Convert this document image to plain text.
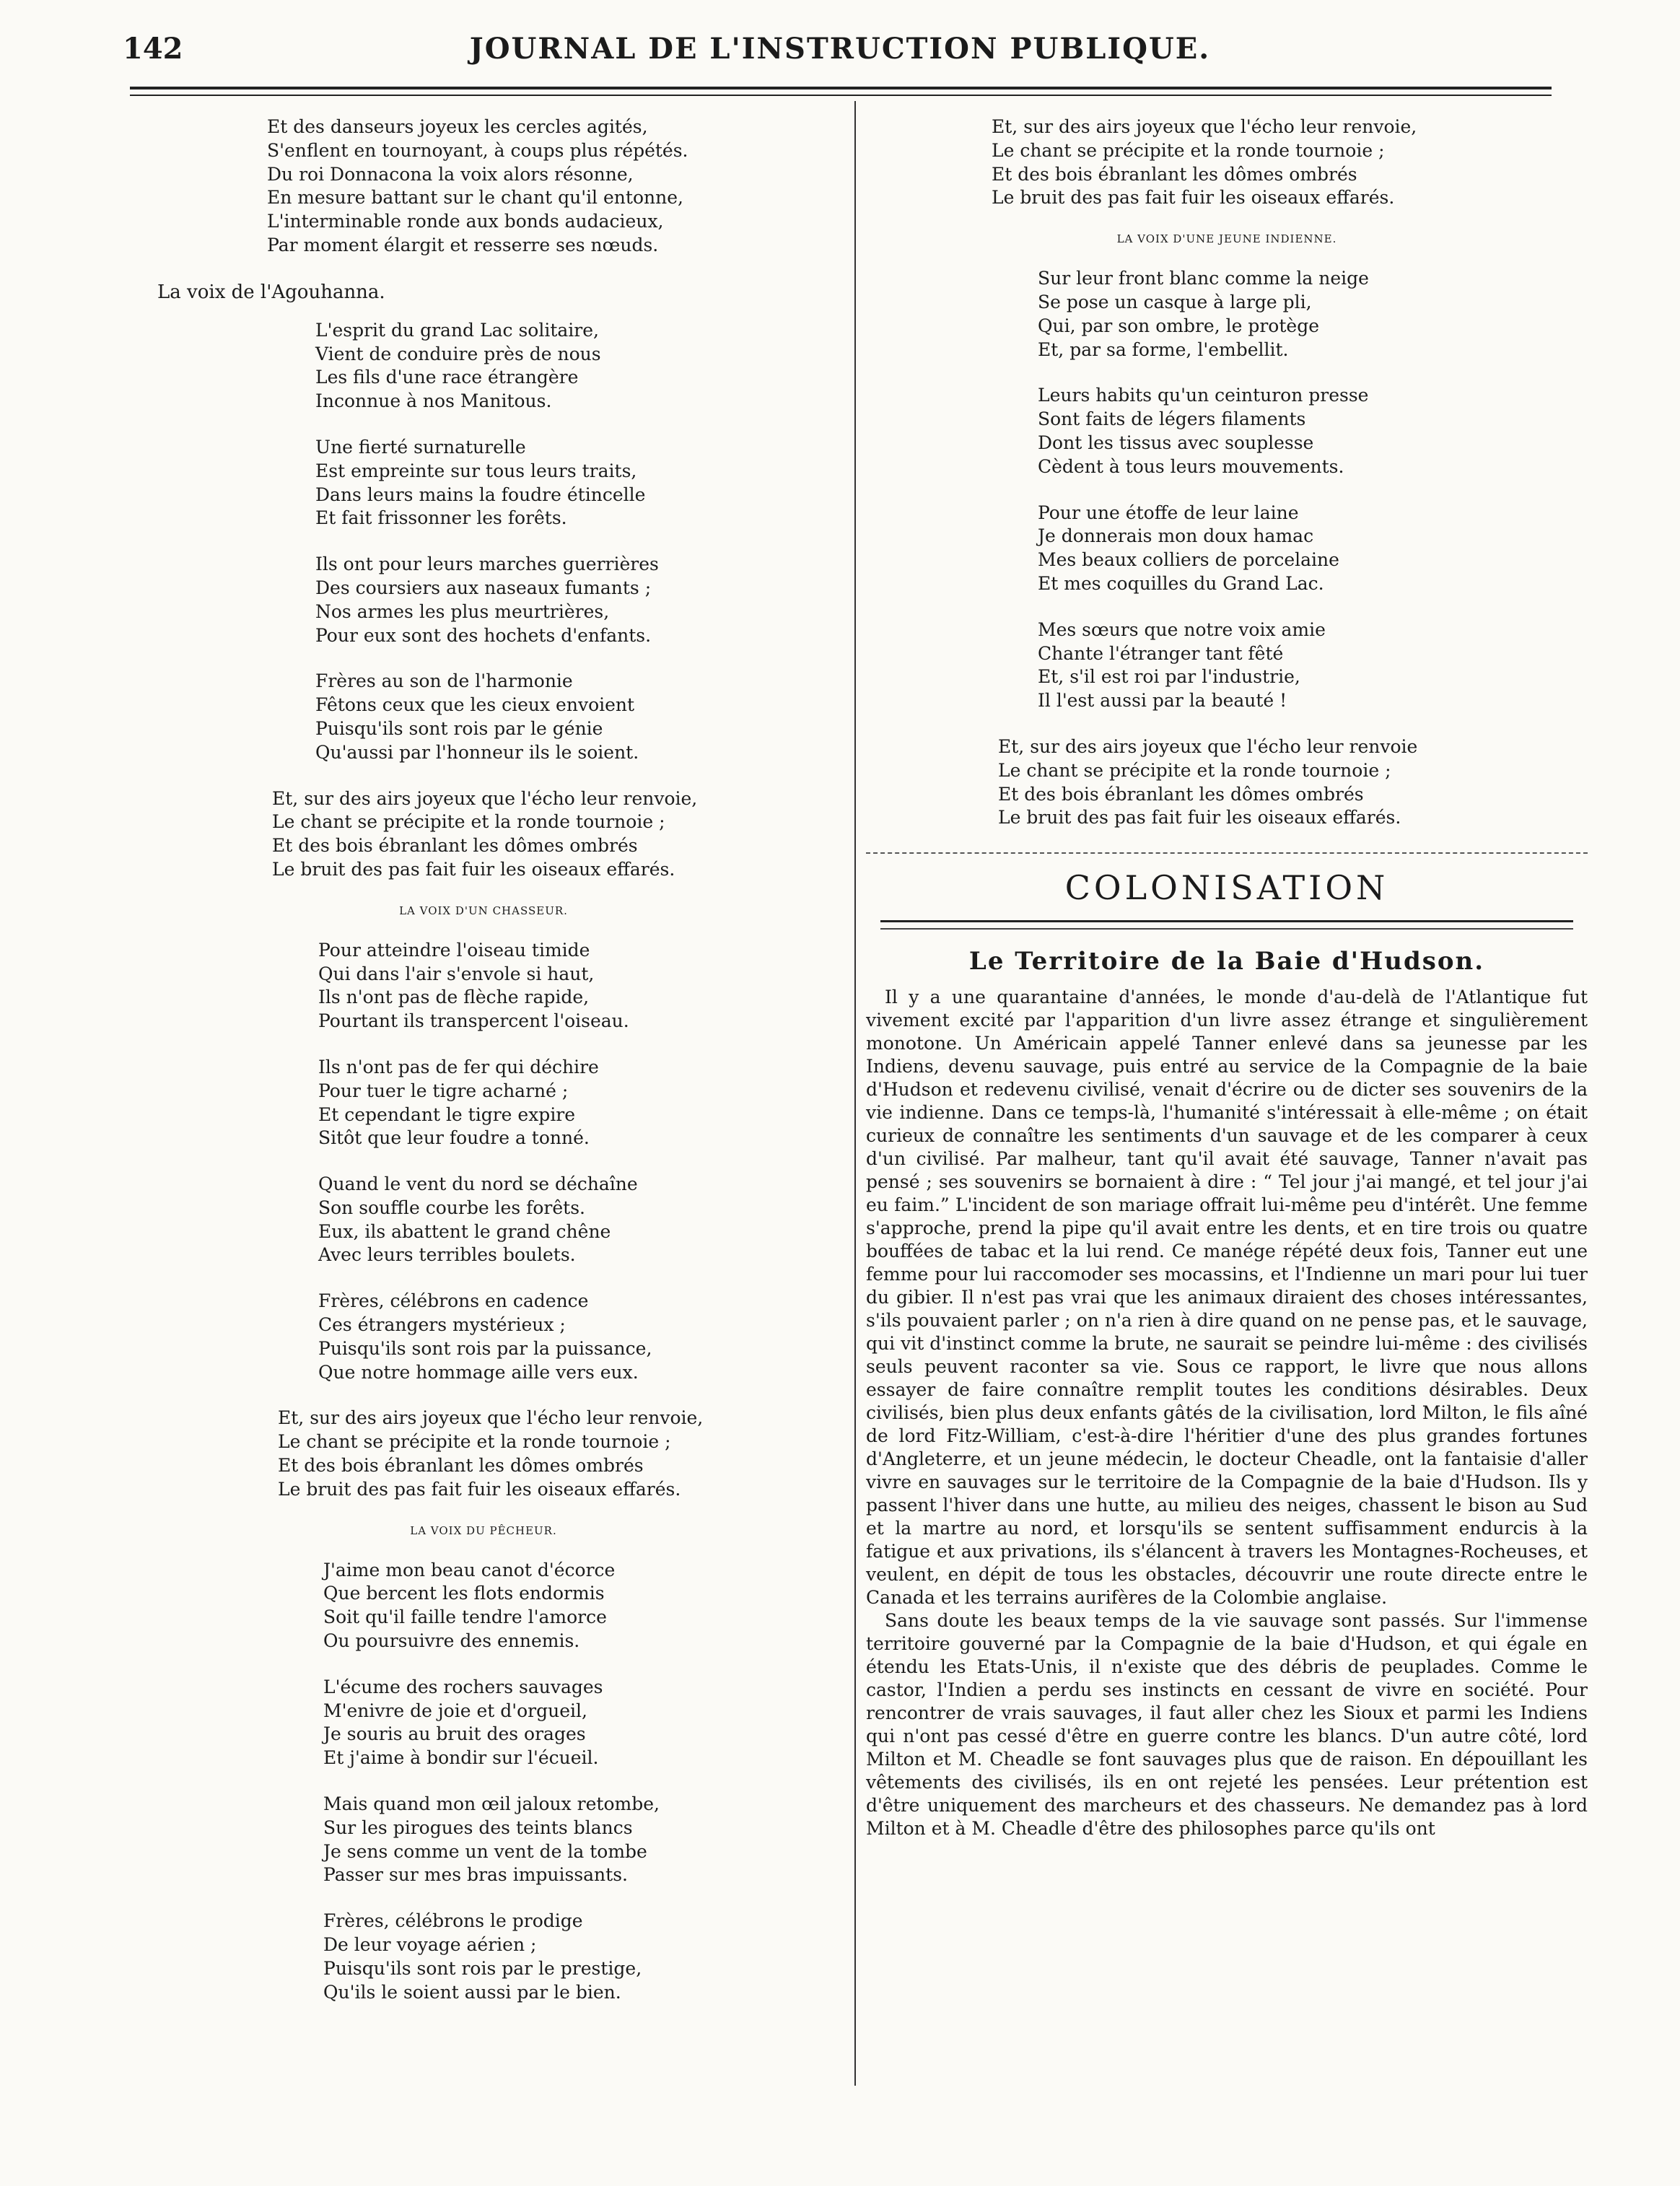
142	JOURNAL DE L'INSTRUCTION PUBLIQUE.
Et des danseurs joyeux les cercles agités,
S'enflent en tournoyant, à coups plus répétés.
Du roi Donnacona la voix alors résonne,
En mesure battant sur le chant qu'il entonne,
L'interminable ronde aux bonds audacieux,
Par moment élargit et resserre ses nœuds.
La voix de l'Agouhanna.
L'esprit du grand Lac solitaire,
Vient de conduire près de nous
Les fils d'une race étrangère
Inconnue à nos Manitous.
Une fierté surnaturelle
Est empreinte sur tous leurs traits,
Dans leurs mains la foudre étincelle
Et fait frissonner les forêts.
Ils ont pour leurs marches guerrières
Des coursiers aux naseaux fumants ;
Nos armes les plus meurtrières,
Pour eux sont des hochets d'enfants.
Frères au son de l'harmonie
Fêtons ceux que les cieux envoient
Puisqu'ils sont rois par le génie
Qu'aussi par l'honneur ils le soient.
Et, sur des airs joyeux que l'écho leur renvoie,
Le chant se précipite et la ronde tournoie ;
Et des bois ébranlant les dômes ombrés
Le bruit des pas fait fuir les oiseaux effarés.
LA VOIX D'UN CHASSEUR.
Pour atteindre l'oiseau timide
Qui dans l'air s'envole si haut,
Ils n'ont pas de flèche rapide,
Pourtant ils transpercent l'oiseau.
Ils n'ont pas de fer qui déchire
Pour tuer le tigre acharné ;
Et cependant le tigre expire
Sitôt que leur foudre a tonné.
Quand le vent du nord se déchaîne
Son souffle courbe les forêts.
Eux, ils abattent le grand chêne
Avec leurs terribles boulets.
Frères, célébrons en cadence
Ces étrangers mystérieux ;
Puisqu'ils sont rois par la puissance,
Que notre hommage aille vers eux.
Et, sur des airs joyeux que l'écho leur renvoie,
Le chant se précipite et la ronde tournoie ;
Et des bois ébranlant les dômes ombrés
Le bruit des pas fait fuir les oiseaux effarés.
LA VOIX DU PÊCHEUR.
J'aime mon beau canot d'écorce
Que bercent les flots endormis
Soit qu'il faille tendre l'amorce
Ou poursuivre des ennemis.
L'écume des rochers sauvages
M'enivre de joie et d'orgueil,
Je souris au bruit des orages
Et j'aime à bondir sur l'écueil.
Mais quand mon œil jaloux retombe,
Sur les pirogues des teints blancs
Je sens comme un vent de la tombe
Passer sur mes bras impuissants.
Frères, célébrons le prodige
De leur voyage aérien ;
Puisqu'ils sont rois par le prestige,
Qu'ils le soient aussi par le bien.
Et, sur des airs joyeux que l'écho leur renvoie,
Le chant se précipite et la ronde tournoie ;
Et des bois ébranlant les dômes ombrés
Le bruit des pas fait fuir les oiseaux effarés.
LA VOIX D'UNE JEUNE INDIENNE.
Sur leur front blanc comme la neige
Se pose un casque à large pli,
Qui, par son ombre, le protège
Et, par sa forme, l'embellit.
Leurs habits qu'un ceinturon presse
Sont faits de légers filaments
Dont les tissus avec souplesse
Cèdent à tous leurs mouvements.
Pour une étoffe de leur laine
Je donnerais mon doux hamac
Mes beaux colliers de porcelaine
Et mes coquilles du Grand Lac.
Mes sœurs que notre voix amie
Chante l'étranger tant fêté
Et, s'il est roi par l'industrie,
Il l'est aussi par la beauté !
Et, sur des airs joyeux que l'écho leur renvoie
Le chant se précipite et la ronde tournoie ;
Et des bois ébranlant les dômes ombrés
Le bruit des pas fait fuir les oiseaux effarés.
COLONISATION
Le Territoire de la Baie d'Hudson.

Il y a une quarantaine d'années, le monde d'au-delà de l'Atlantique fut vivement excité par l'apparition d'un livre assez étrange et singulièrement monotone. Un Américain appelé Tanner enlevé dans sa jeunesse par les Indiens, devenu sauvage, puis entré au service de la Compagnie de la baie d'Hudson et redevenu civilisé, venait d'écrire ou de dicter ses souvenirs de la vie indienne. Dans ce temps-là, l'humanité s'intéressait à elle-même ; on était curieux de connaître les sentiments d'un sauvage et de les comparer à ceux d'un civilisé. Par malheur, tant qu'il avait été sauvage, Tanner n'avait pas pensé ; ses souvenirs se bornaient à dire : “ Tel jour j'ai mangé, et tel jour j'ai eu faim.” L'incident de son mariage offrait lui-même peu d'intérêt. Une femme s'approche, prend la pipe qu'il avait entre les dents, et en tire trois ou quatre bouffées de tabac et la lui rend. Ce manége répété deux fois, Tanner eut une femme pour lui raccomoder ses mocassins, et l'Indienne un mari pour lui tuer du gibier. Il n'est pas vrai que les animaux diraient des choses intéressantes, s'ils pouvaient parler ; on n'a rien à dire quand on ne pense pas, et le sauvage, qui vit d'instinct comme la brute, ne saurait se peindre lui-même : des civilisés seuls peuvent raconter sa vie. Sous ce rapport, le livre que nous allons essayer de faire connaître remplit toutes les conditions désirables. Deux civilisés, bien plus deux enfants gâtés de la civilisation, lord Milton, le fils aîné de lord Fitz-William, c'est-à-dire l'héritier d'une des plus grandes fortunes d'Angleterre, et un jeune médecin, le docteur Cheadle, ont la fantaisie d'aller vivre en sauvages sur le territoire de la Compagnie de la baie d'Hudson. Ils y passent l'hiver dans une hutte, au milieu des neiges, chassent le bison au Sud et la martre au nord, et lorsqu'ils se sentent suffisamment endurcis à la fatigue et aux privations, ils s'élancent à travers les Montagnes-Rocheuses, et veulent, en dépit de tous les obstacles, découvrir une route directe entre le Canada et les terrains aurifères de la Colombie anglaise.

Sans doute les beaux temps de la vie sauvage sont passés. Sur l'immense territoire gouverné par la Compagnie de la baie d'Hudson, et qui égale en étendu les Etats-Unis, il n'existe que des débris de peuplades. Comme le castor, l'Indien a perdu ses instincts en cessant de vivre en société. Pour rencontrer de vrais sauvages, il faut aller chez les Sioux et parmi les Indiens qui n'ont pas cessé d'être en guerre contre les blancs. D'un autre côté, lord Milton et M. Cheadle se font sauvages plus que de raison. En dépouillant les vêtements des civilisés, ils en ont rejeté les pensées. Leur prétention est d'être uniquement des marcheurs et des chasseurs. Ne demandez pas à lord Milton et à M. Cheadle d'être des philosophes parce qu'ils ont
